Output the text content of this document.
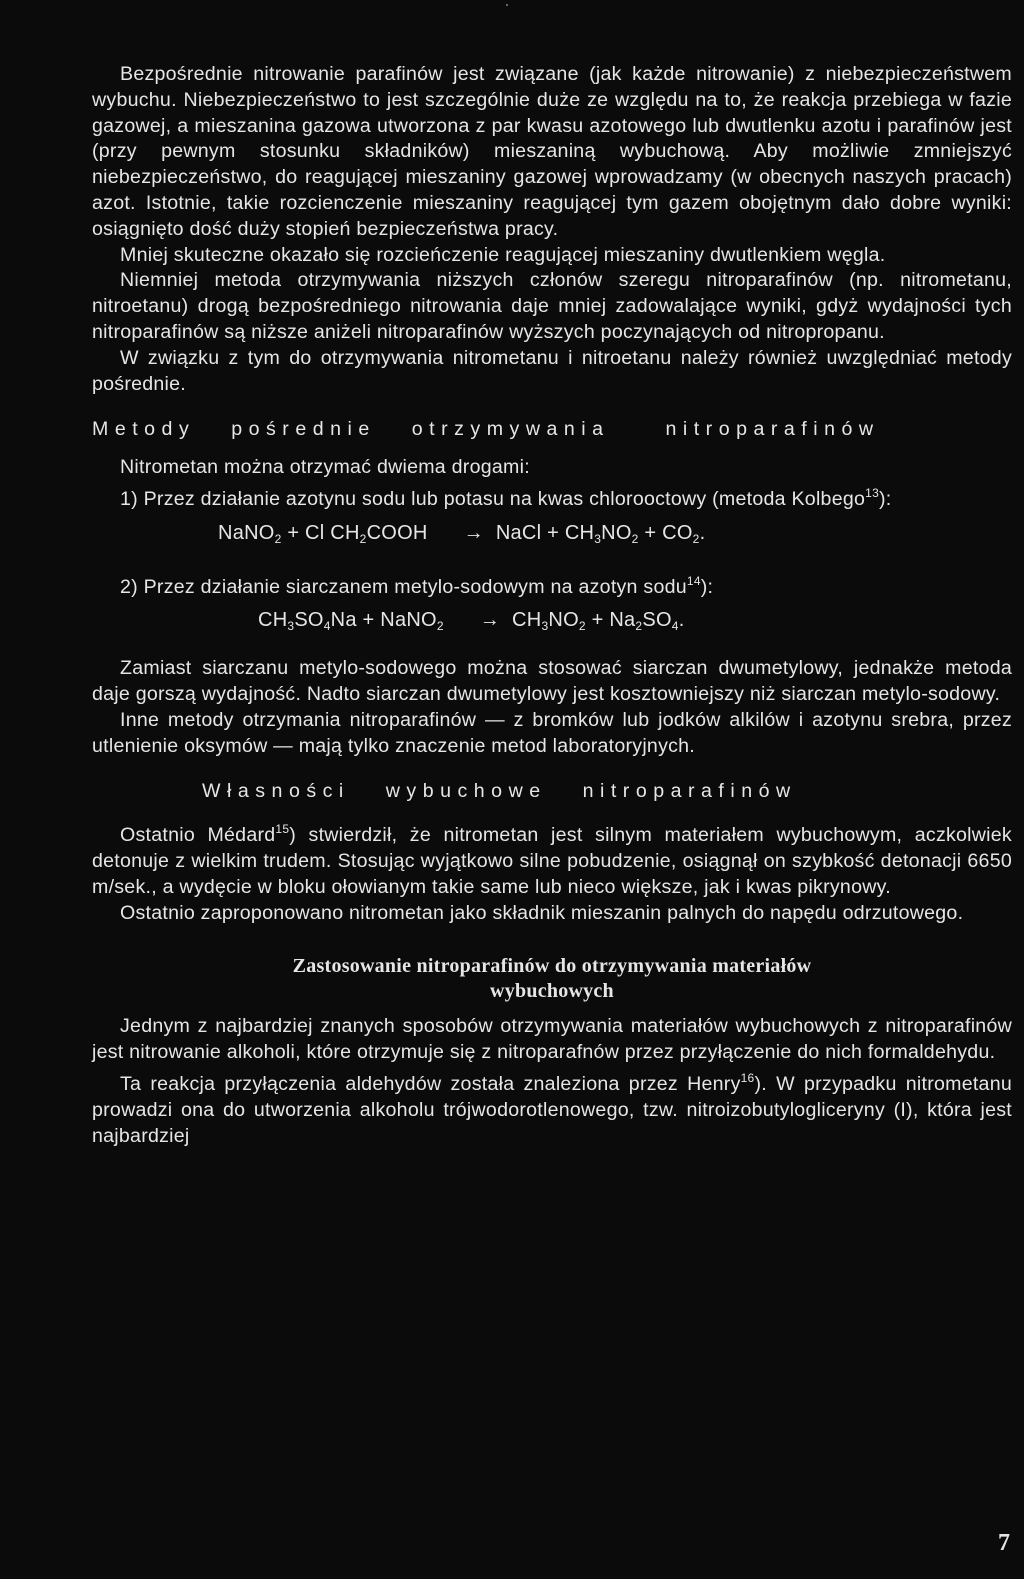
Bezpośrednie nitrowanie parafinów jest związane (jak każde nitrowanie) z niebezpieczeństwem wybuchu. Niebezpieczeństwo to jest szczególnie duże ze względu na to, że reakcja przebiega w fazie gazowej, a mieszanina gazowa utworzona z par kwasu azotowego lub dwutlenku azotu i parafinów jest (przy pewnym stosunku składników) mieszaniną wybuchową. Aby możliwie zmniejszyć niebezpieczeństwo, do reagującej mieszaniny gazowej wprowadzamy (w obecnych naszych pracach) azot. Istotnie, takie rozcienczenie mieszaniny reagującej tym gazem obojętnym dało dobre wyniki: osiągnięto dość duży stopień bezpieczeństwa pracy.

Mniej skuteczne okazało się rozcieńczenie reagującej mieszaniny dwutlenkiem węgla.

Niemniej metoda otrzymywania niższych członów szeregu nitroparafinów (np. nitrometanu, nitroetanu) drogą bezpośredniego nitrowania daje mniej zadowalające wyniki, gdyż wydajności tych nitroparafinów są niższe aniżeli nitroparafinów wyższych poczynających od nitropropanu.

W związku z tym do otrzymywania nitrometanu i nitroetanu należy również uwzględniać metody pośrednie.

Metody pośrednie otrzymywania	nitroparafinów

Nitrometan można otrzymać dwiema drogami:

1) Przez działanie azotynu sodu lub potasu na kwas chlorooctowy (metoda Kolbego$^{13}$):

NaNO$_2$ + Cl $CH_2COOH$ → NaCl + $CH_3NO_2 + CO_2$.

2) Przez działanie siarczanem metylo-sodowym na azotyn sodu$^{14}$):

$CH_3SO_4Na$ + NaNO$_2$ → $CH_3NO_2 + Na_2SO_4$.

Zamiast siarczanu metylo-sodowego można stosować siarczan dwumetylowy, jednakże metoda daje gorszą wydajność. Nadto siarczan dwumetylowy jest kosztowniejszy niż siarczan metylo-sodowy.

Inne metody otrzymania nitroparafinów — z bromków lub jodków alkilów i azotynu srebra, przez utlenienie oksymów — mają tylko znaczenie metod laboratoryjnych.

Własności wybuchowe nitroparafinów

Ostatnio Médard$^{15}$) stwierdził, że nitrometan jest silnym materiałem wybuchowym, aczkolwiek detonuje z wielkim trudem. Stosując wyjątkowo silne pobudzenie, osiągnął on szybkość detonacji 6650 m/sek., a wydęcie w bloku ołowianym takie same lub nieco większe, jak i kwas pikrynowy.

Ostatnio zaproponowano nitrometan jako składnik mieszanin palnych do napędu odrzutowego.

Zastosowanie nitroparafinów do otrzymywania materiałów
wybuchowych

Jednym z najbardziej znanych sposobów otrzymywania materiałów wybuchowych z nitroparafinów jest nitrowanie alkoholi, które otrzymuje się z nitroparafnów przez przyłączenie do nich formaldehydu.

Ta reakcja przyłączenia aldehydów została znaleziona przez Henry$^{16}$). W przypadku nitrometanu prowadzi ona do utworzenia alkoholu trójwodorotlenowego, tzw. nitroizobutylogliceryny (I), która jest najbardziej

7
